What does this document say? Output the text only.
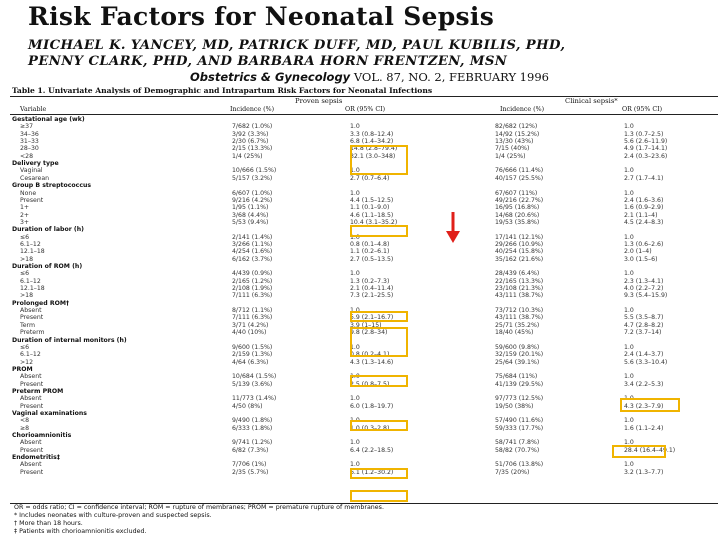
Risk Factors for Neonatal Sepsis
MICHAEL K. YANCEY, MD, PATRICK DUFF, MD, PAUL KUBILIS, PHD,
PENNY CLARK, PHD, AND BARBARA HORN FRENTZEN, MSN
Obstetrics & Gynecology VOL. 87, NO. 2, FEBRUARY 1996
Table 1. Univariate Analysis of Demographic and Intrapartum Risk Factors for Neonatal Infections
Proven sepsis	Clinical sepsis*
Variable	Incidence (%)	OR (95% CI)	Incidence (%)	OR (95% CI)
Gestational age (wk)
≥37	7/682 (1.0%)	1.0	82/682 (12%)	1.0
34–36	3/92 (3.3%)	3.3 (0.8–12.4)	14/92 (15.2%)	1.3 (0.7–2.5)
31–33	2/30 (6.7%)	6.8 (1.4–34.2)	13/30 (43%)	5.6 (2.6–11.9)
28–30	2/15 (13.3%)	14.8 (2.8–79.4)	7/15 (40%)	4.9 (1.7–14.1)
<28	1/4 (25%)	32.1 (3.0–348)	1/4 (25%)	2.4 (0.3–23.6)
Delivery type
Vaginal	10/666 (1.5%)	1.0	76/666 (11.4%)	1.0
Cesarean	5/157 (3.2%)	2.7 (0.7–6.4)	40/157 (25.5%)	2.7 (1.7–4.1)
Group B streptococcus
None	6/607 (1.0%)	1.0	67/607 (11%)	1.0
Present	9/216 (4.2%)	4.4 (1.5–12.5)	49/216 (22.7%)	2.4 (1.6–3.6)
1+	1/95 (1.1%)	1.1 (0.1–9.0)	16/95 (16.8%)	1.6 (0.9–2.9)
2+	3/68 (4.4%)	4.6 (1.1–18.5)	14/68 (20.6%)	2.1 (1.1–4)
3+	5/53 (9.4%)	10.4 (3.1–35.2)	19/53 (35.8%)	4.5 (2.4–8.3)
Duration of labor (h)
≤6	2/141 (1.4%)	1.0	17/141 (12.1%)	1.0
6.1–12	3/266 (1.1%)	0.8 (0.1–4.8)	29/266 (10.9%)	1.3 (0.6–2.6)
12.1–18	4/254 (1.6%)	1.1 (0.2–6.1)	40/254 (15.8%)	2.0 (1–4)
>18	6/162 (3.7%)	2.7 (0.5–13.5)	35/162 (21.6%)	3.0 (1.5–6)
Duration of ROM (h)
≤6	4/439 (0.9%)	1.0	28/439 (6.4%)	1.0
6.1–12	2/165 (1.2%)	1.3 (0.2–7.3)	22/165 (13.3%)	2.3 (1.3–4.1)
12.1–18	2/108 (1.9%)	2.1 (0.4–11.4)	23/108 (21.3%)	4.0 (2.2–7.2)
>18	7/111 (6.3%)	7.3 (2.1–25.5)	43/111 (38.7%)	9.3 (5.4–15.9)
Prolonged ROM†
Absent	8/712 (1.1%)	1.0	73/712 (10.3%)	1.0
Present	7/111 (6.3%)	5.9 (2.1–16.7)	43/111 (38.7%)	5.5 (3.5–8.7)
Term	3/71 (4.2%)	3.9 (1–15)	25/71 (35.2%)	4.7 (2.8–8.2)
Preterm	4/40 (10%)	9.8 (2.8–34)	18/40 (45%)	7.2 (3.7–14)
Duration of internal monitors (h)
≤6	9/600 (1.5%)	1.0	59/600 (9.8%)	1.0
6.1–12	2/159 (1.3%)	0.8 (0.2–4.1)	32/159 (20.1%)	2.4 (1.4–3.7)
>12	4/64 (6.3%)	4.3 (1.3–14.6)	25/64 (39.1%)	5.6 (3.3–10.4)
PROM
Absent	10/684 (1.5%)	1.0	75/684 (11%)	1.0
Present	5/139 (3.6%)	2.5 (0.8–7.5)	41/139 (29.5%)	3.4 (2.2–5.3)
Preterm PROM
Absent	11/773 (1.4%)	1.0	97/773 (12.5%)	1.0
Present	4/50 (8%)	6.0 (1.8–19.7)	19/50 (38%)	4.3 (2.3–7.9)
Vaginal examinations
<8	9/490 (1.8%)	1.0	57/490 (11.6%)	1.0
≥8	6/333 (1.8%)	1.0 (0.3–2.8)	59/333 (17.7%)	1.6 (1.1–2.4)
Chorioamnionitis
Absent	9/741 (1.2%)	1.0	58/741 (7.8%)	1.0
Present	6/82 (7.3%)	6.4 (2.2–18.5)	58/82 (70.7%)	28.4 (16.4–49.1)
Endometritis‡
Absent	7/706 (1%)	1.0	51/706 (13.8%)	1.0
Present	2/35 (5.7%)	6.1 (1.2–30.2)	7/35 (20%)	3.2 (1.3–7.7)
OR = odds ratio; CI = confidence interval; ROM = rupture of membranes; PROM = premature rupture of membranes.
* Includes neonates with culture-proven and suspected sepsis.
† More than 18 hours.
‡ Patients with chorioamnionitis excluded.
